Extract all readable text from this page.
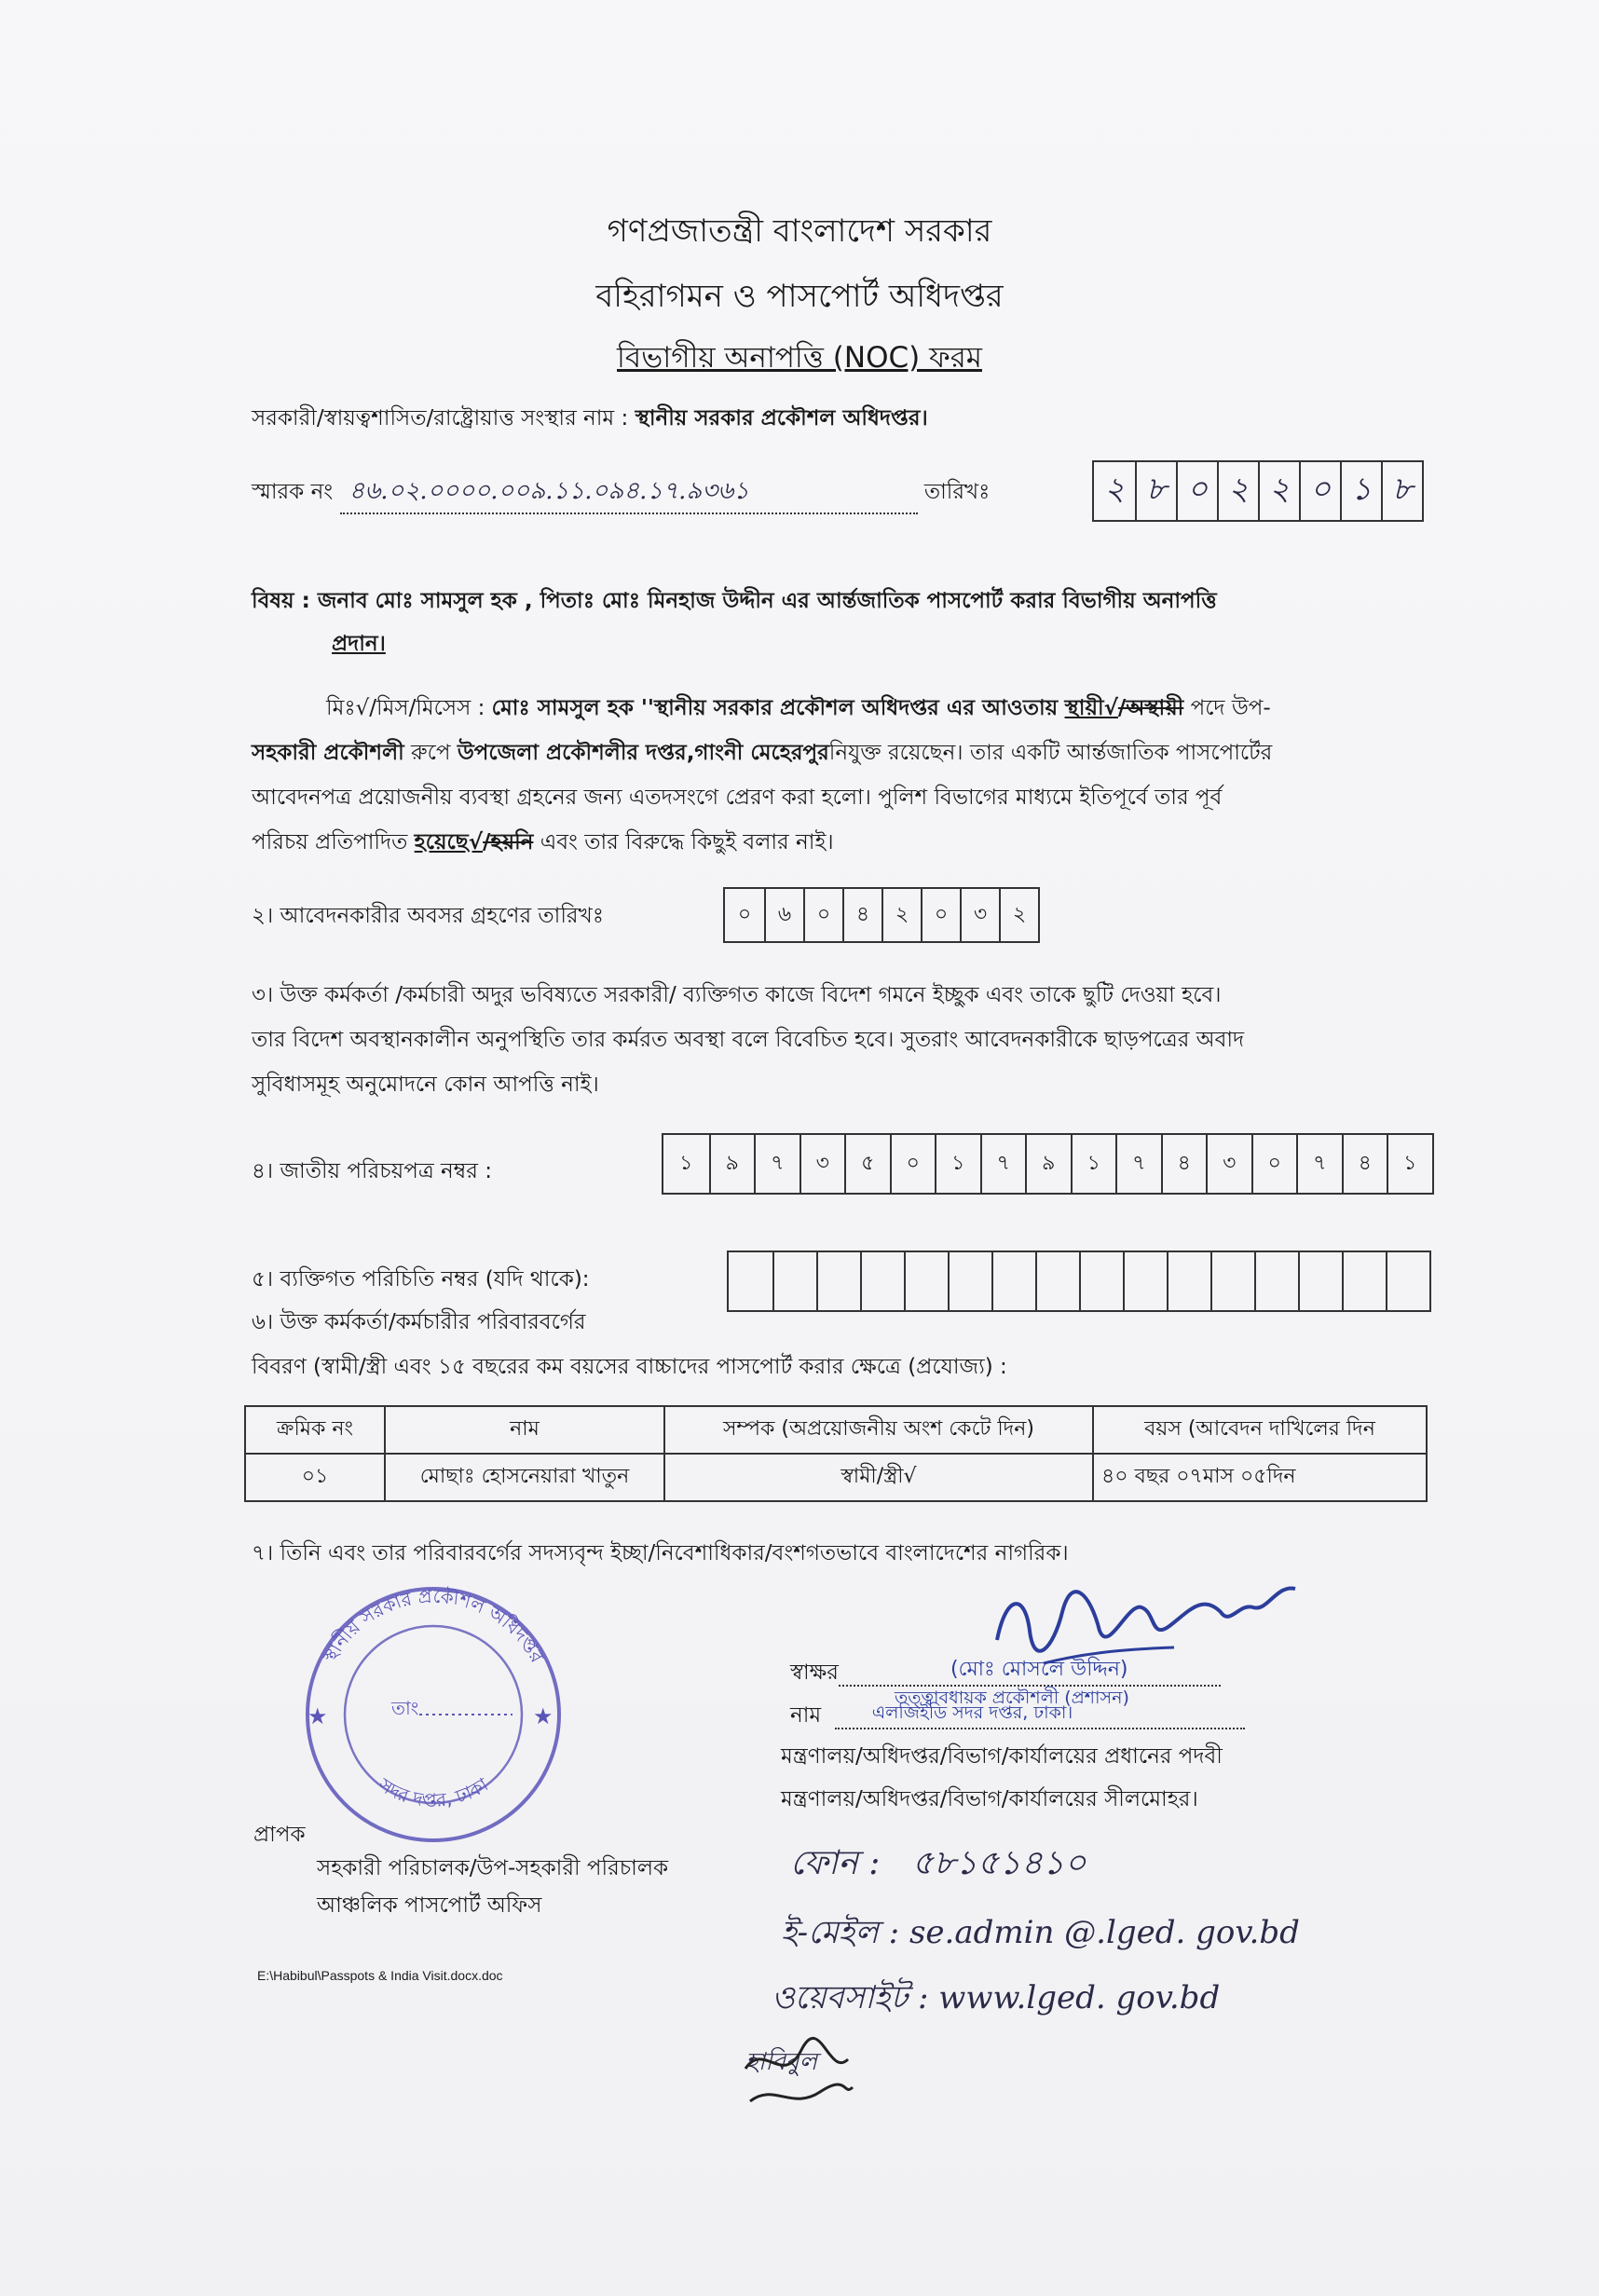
গণপ্রজাতন্ত্রী বাংলাদেশ সরকার
বহিরাগমন ও পাসপোর্ট অধিদপ্তর
বিভাগীয় অনাপত্তি (NOC) ফরম
সরকারী/স্বায়ত্বশাসিত/রাষ্ট্রোয়াত্ত সংস্থার নাম : স্থানীয় সরকার প্রকৌশল অধিদপ্তর।
স্মারক নং ৪৬.০২.০০০০.০০৯.১১.০৯৪.১৭.৯৩৬১	তারিখঃ	২ ৮ ০ ২ ২ ০ ১ ৮
বিষয় : জনাব মোঃ সামসুল হক , পিতাঃ মোঃ মিনহাজ উদ্দীন এর আর্ন্তজাতিক পাসপোর্ট করার বিভাগীয় অনাপত্তি
প্রদান।
মিঃ√/মিস/মিসেস : মোঃ সামসুল হক ''স্থানীয় সরকার প্রকৌশল অধিদপ্তর এর আওতায় স্থায়ী√/অস্থায়ী পদে উপ-
সহকারী প্রকৌশলী রুপে উপজেলা প্রকৌশলীর দপ্তর,গাংনী মেহেরপুরনিযুক্ত রয়েছেন। তার একটি আর্ন্তজাতিক পাসপোর্টের
আবেদনপত্র প্রয়োজনীয় ব্যবস্থা গ্রহনের জন্য এতদসংগে প্রেরণ করা হলো। পুলিশ বিভাগের মাধ্যমে ইতিপূর্বে তার পূর্ব
পরিচয় প্রতিপাদিত হয়েছে√/হয়নি এবং তার বিরুদ্ধে কিছুই বলার নাই।
২। আবেদনকারীর অবসর গ্রহণের তারিখঃ	০	৬	০	৪	২	০	৩	২
৩। উক্ত কর্মকর্তা /কর্মচারী অদুর ভবিষ্যতে সরকারী/ ব্যক্তিগত কাজে বিদেশ গমনে ইচ্ছুক এবং তাকে ছুটি দেওয়া হবে।
তার বিদেশ অবস্থানকালীন অনুপস্থিতি তার কর্মরত অবস্থা বলে বিবেচিত হবে। সুতরাং আবেদনকারীকে ছাড়পত্রের অবাদ
সুবিধাসমূহ অনুমোদনে কোন আপত্তি নাই।
৪। জাতীয় পরিচয়পত্র নম্বর :	১	৯	৭	৩	৫	০	১	৭	৯	১	৭	৪	৩	০	৭	৪	১
৫। ব্যক্তিগত পরিচিতি নম্বর (যদি থাকে):
৬। উক্ত কর্মকর্তা/কর্মচারীর পরিবারবর্গের
বিবরণ (স্বামী/স্ত্রী এবং ১৫ বছরের কম বয়সের বাচ্চাদের পাসপোর্ট করার ক্ষেত্রে (প্রযোজ্য) :
ক্রমিক নং	নাম	সম্পক (অপ্রয়োজনীয় অংশ কেটে দিন)	বয়স (আবেদন দাখিলের দিন
০১	মোছাঃ হোসনেয়ারা খাতুন	স্বামী/স্ত্রী√	৪০ বছর ০৭মাস ০৫দিন
৭। তিনি এবং তার পরিবারবর্গের সদস্যবৃন্দ ইচ্ছা/নিবেশাধিকার/বংশগতভাবে বাংলাদেশের নাগরিক।
স্থানীয় সরকার প্রকৌশল অধিদপ্তর
সদর দপ্তর, ঢাকা
তাং	★
★
স্বাক্ষর	(মোঃ মোসলে উদ্দিন)

তত্ত্বাবধায়ক প্রকৌশলী (প্রশাসন)
নাম	এলজিইডি সদর দপ্তর, ঢাকা।

মন্ত্রণালয়/অধিদপ্তর/বিভাগ/কার্যালয়ের প্রধানের পদবী
মন্ত্রণালয়/অধিদপ্তর/বিভাগ/কার্যালয়ের সীলমোহর।
প্রাপক
সহকারী পরিচালক/উপ-সহকারী পরিচালক
আঞ্চলিক পাসপোর্ট অফিস
E:\Habibul\Passpots & India Visit.docx.doc
ফোন : ৫৮১৫১৪১০
ই-মেইল : se.admin @.lged. gov.bd
ওয়েবসাইট : www.lged. gov.bd
হাবিবুল
